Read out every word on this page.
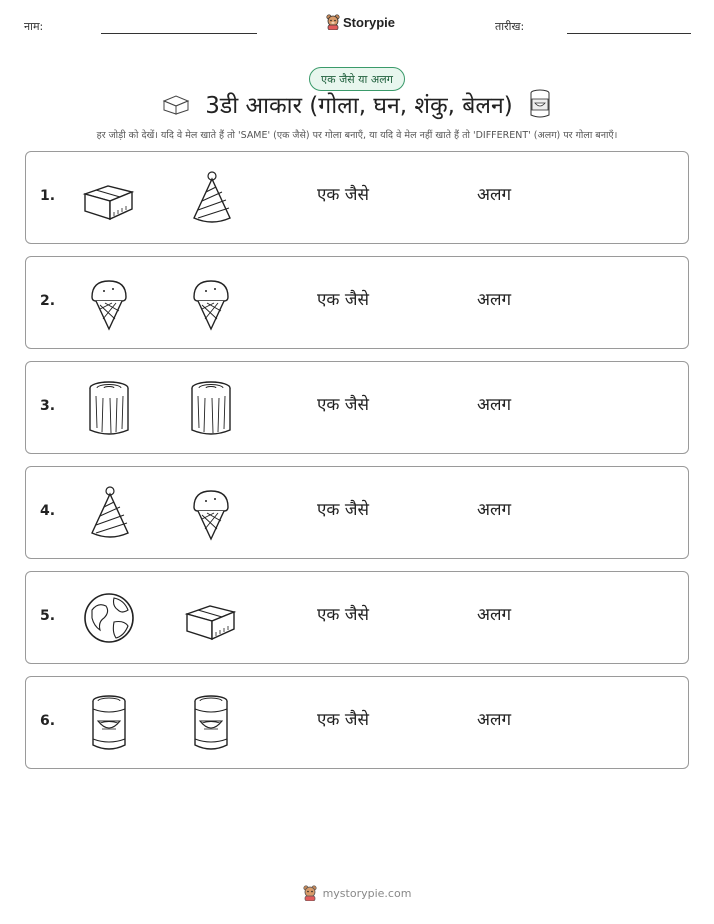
नाम:	Storypie	तारीख:
एक जैसे या अलग
3डी आकार (गोला, घन, शंकु, बेलन)
हर जोड़ी को देखें। यदि वे मेल खाते हैं तो 'SAME' (एक जैसे) पर गोला बनाएँ, या यदि वे मेल नहीं खाते हैं तो 'DIFFERENT' (अलग) पर गोला बनाएँ।
1.	एक जैसे	अलग
2.	एक जैसे	अलग
3.	एक जैसे	अलग
4.	एक जैसे	अलग
5.	एक जैसे	अलग
6.	एक जैसे	अलग
mystorypie.com
